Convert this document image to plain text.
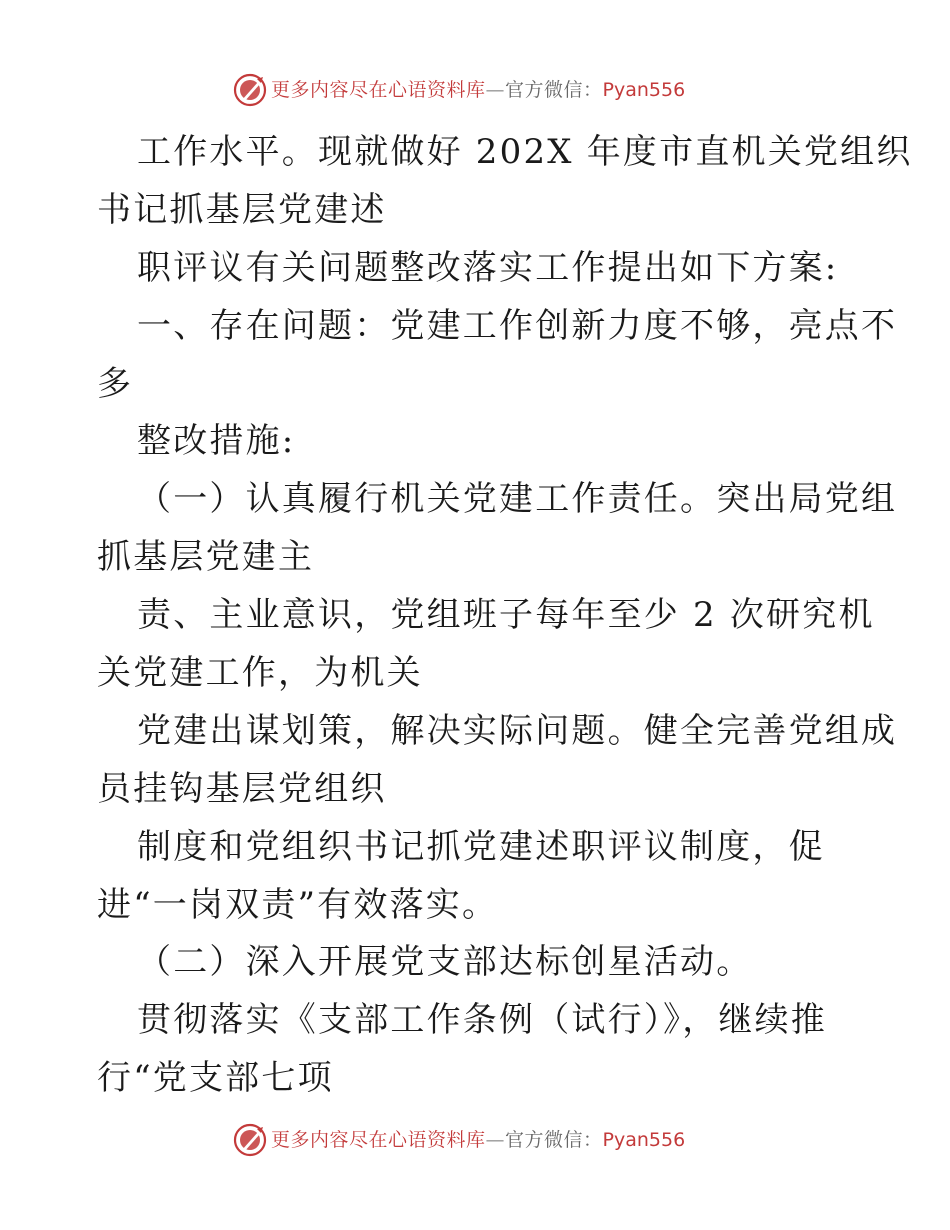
更多内容尽在心语资料库—官方微信：Pyan556
工作水平。现就做好 202X 年度市直机关党组织
书记抓基层党建述
职评议有关问题整改落实工作提出如下方案:
一、存在问题：党建工作创新力度不够，亮点不
多
整改措施:
（一）认真履行机关党建工作责任。突出局党组
抓基层党建主
责、主业意识，党组班子每年至少 2 次研究机
关党建工作，为机关
党建出谋划策，解决实际问题。健全完善党组成
员挂钩基层党组织
制度和党组织书记抓党建述职评议制度，促
进“一岗双责”有效落实。
（二）深入开展党支部达标创星活动。
贯彻落实《支部工作条例（试行）》，继续推
行“党支部七项
更多内容尽在心语资料库—官方微信：Pyan556
